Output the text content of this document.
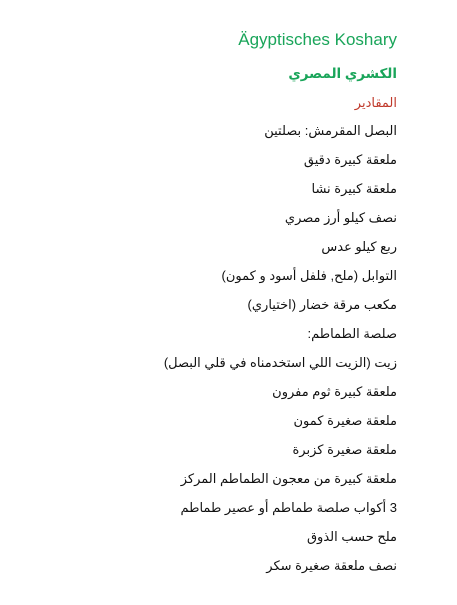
Ägyptisches Koshary
الكشري المصري
المقادير
البصل المقرمش: بصلتين
ملعقة كبيرة دقيق
ملعقة كبيرة نشا
نصف كيلو أرز مصري
ربع كيلو عدس
التوابل (ملح, فلفل أسود و كمون)
مكعب مرقة خضار (اختياري)
صلصة الطماطم:
زيت (الزيت اللي استخدمناه في قلي البصل)
ملعقة كبيرة ثوم مفرون
ملعقة صغيرة كمون
ملعقة صغيرة كزبرة
ملعقة كبيرة من معجون الطماطم المركز
3 أكواب صلصة طماطم أو عصير طماطم
ملح حسب الذوق
نصف ملعقة صغيرة سكر
